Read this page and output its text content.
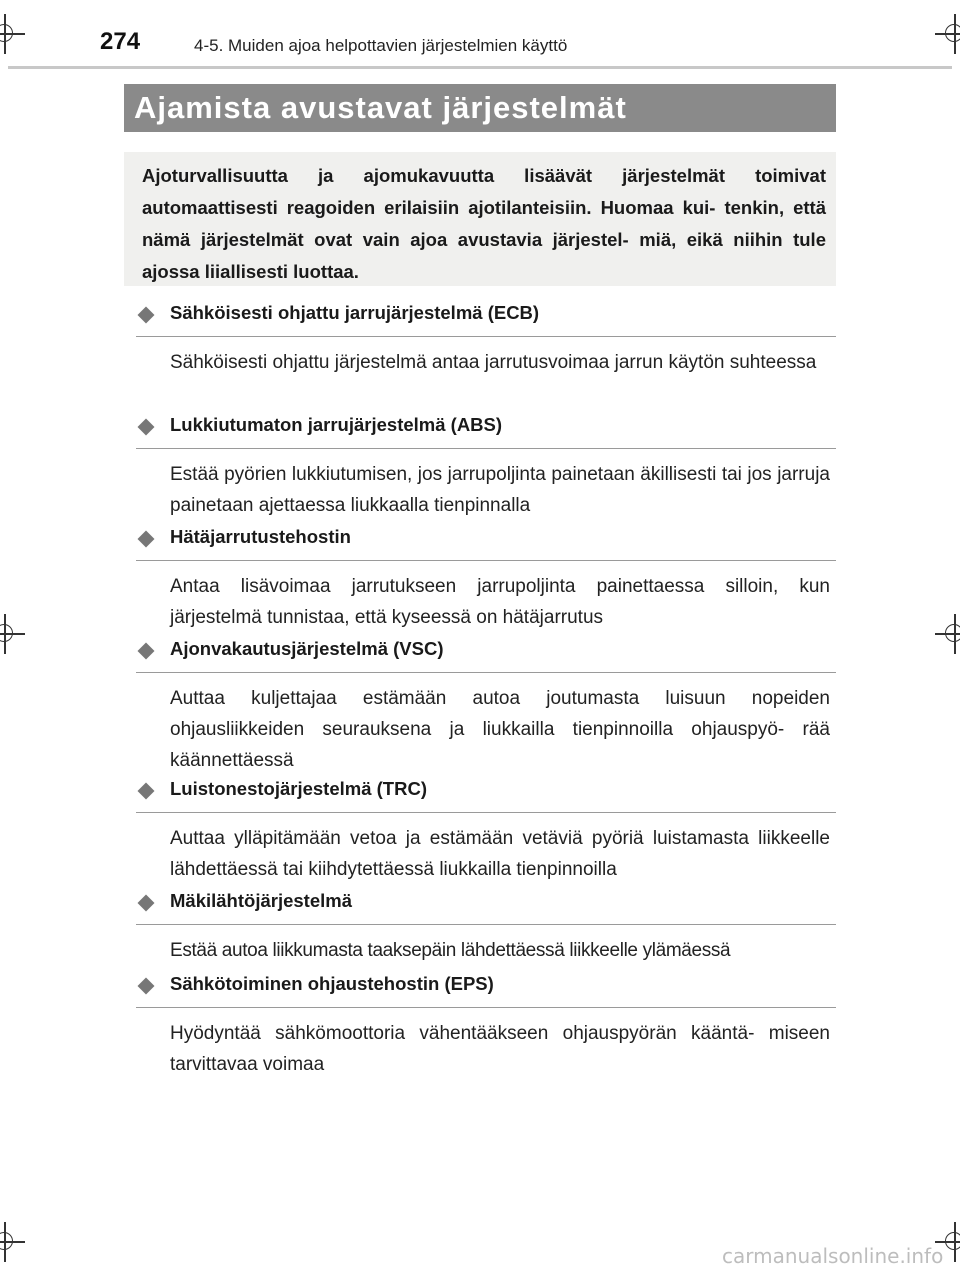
274	4-5. Muiden ajoa helpottavien järjestelmien käyttö
Ajamista avustavat järjestelmät

Ajoturvallisuutta ja ajomukavuutta lisäävät järjestelmät toimivat automaattisesti reagoiden erilaisiin ajotilanteisiin. Huomaa kui- tenkin, että nämä järjestelmät ovat vain ajoa avustavia järjestel- miä, eikä niihin tule ajossa liiallisesti luottaa.

Sähköisesti ohjattu jarrujärjestelmä (ECB)
Sähköisesti ohjattu järjestelmä antaa jarrutusvoimaa jarrun käytön suhteessa
Lukkiutumaton jarrujärjestelmä (ABS)
Estää pyörien lukkiutumisen, jos jarrupoljinta painetaan äkillisesti tai jos jarruja painetaan ajettaessa liukkaalla tienpinnalla
Hätäjarrutustehostin
Antaa lisävoimaa jarrutukseen jarrupoljinta painettaessa silloin, kun järjestelmä tunnistaa, että kyseessä on hätäjarrutus
Ajonvakautusjärjestelmä (VSC)
Auttaa kuljettajaa estämään autoa joutumasta luisuun nopeiden ohjausliikkeiden seurauksena ja liukkailla tienpinnoilla ohjauspyö- rää käännettäessä
Luistonestojärjestelmä (TRC)
Auttaa ylläpitämään vetoa ja estämään vetäviä pyöriä luistamasta liikkeelle lähdettäessä tai kiihdytettäessä liukkailla tienpinnoilla
Mäkilähtöjärjestelmä
Estää autoa liikkumasta taaksepäin lähdettäessä liikkeelle ylämäessä
Sähkötoiminen ohjaustehostin (EPS)
Hyödyntää sähkömoottoria vähentääkseen ohjauspyörän kääntä- miseen tarvittavaa voimaa
carmanualsonline.info
